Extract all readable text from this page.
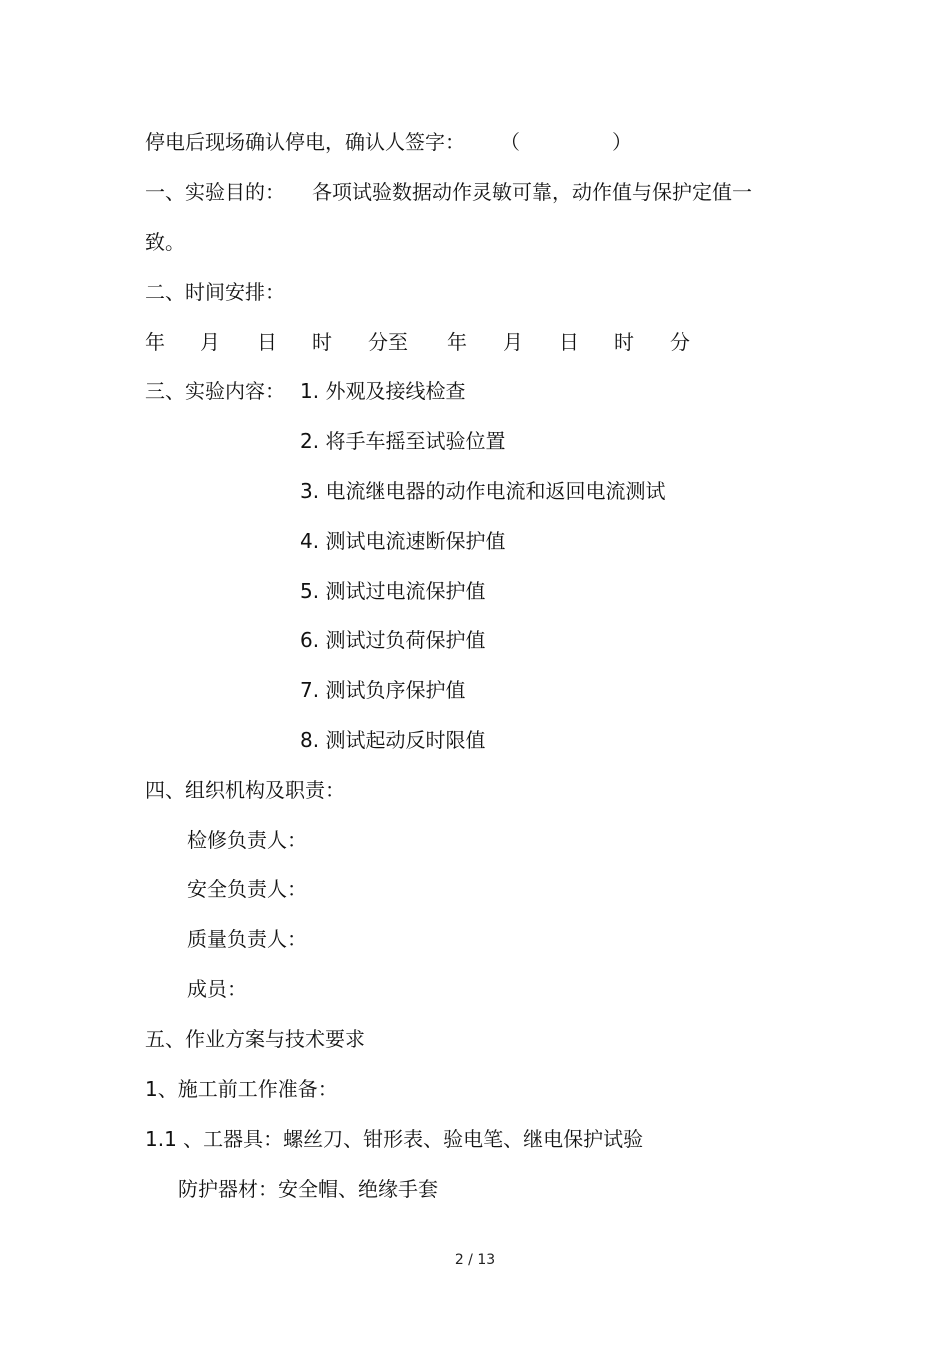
停电后现场确认停电，确认人签字： （	）
一、实验目的： 各项试验数据动作灵敏可靠，动作值与保护定值一
致。
二、时间安排：
年 月 日 时 分至 年 月 日 时 分
三、实验内容： 1. 外观及接线检查
2. 将手车摇至试验位置
3. 电流继电器的动作电流和返回电流测试
4. 测试电流速断保护值
5. 测试过电流保护值
6. 测试过负荷保护值
7. 测试负序保护值
8. 测试起动反时限值
四、组织机构及职责：
检修负责人：
安全负责人：
质量负责人：
成员：
五、作业方案与技术要求
1、施工前工作准备：
1.1 、工器具：螺丝刀、钳形表、验电笔、继电保护试验
防护器材：安全帽、绝缘手套
2 / 13
